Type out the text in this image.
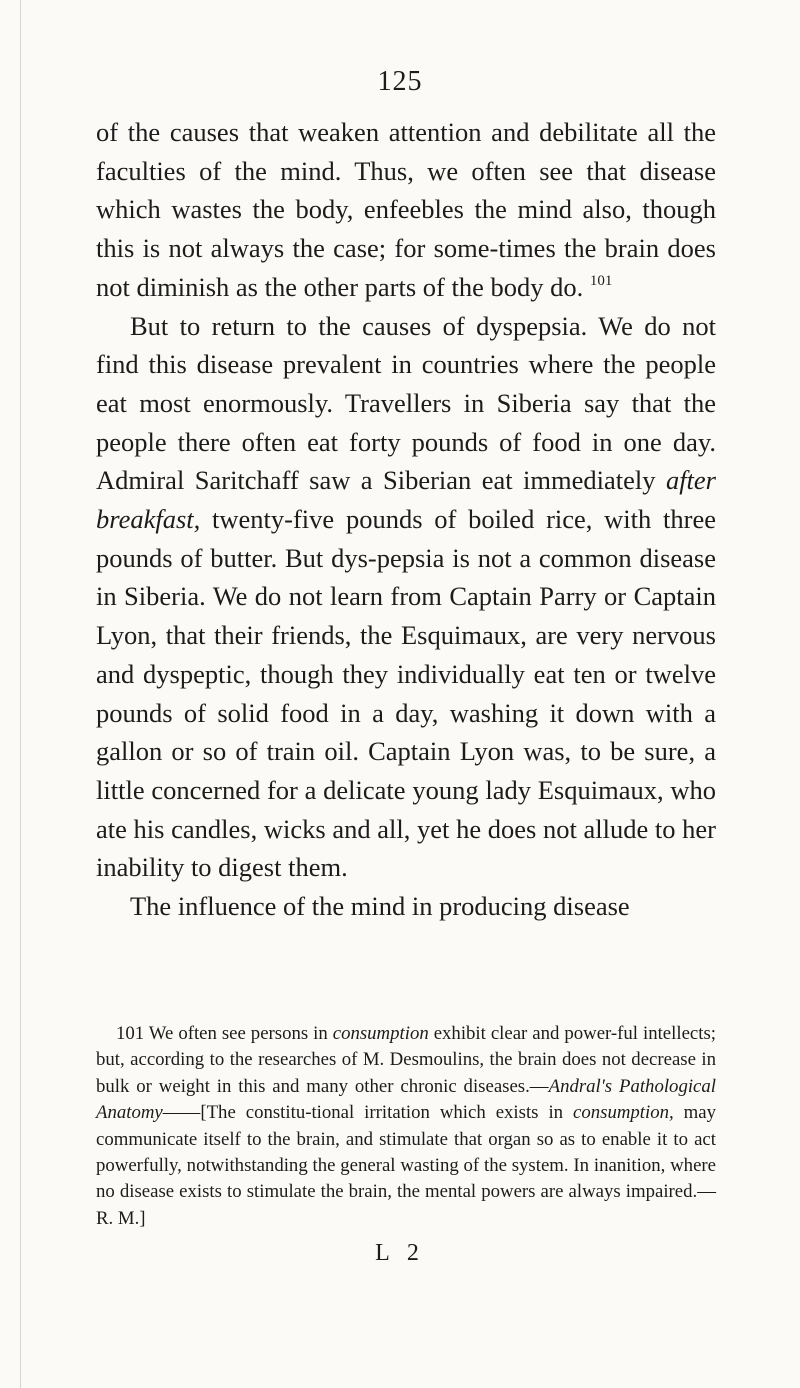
125

of the causes that weaken attention and debilitate all the faculties of the mind. Thus, we often see that disease which wastes the body, enfeebles the mind also, though this is not always the case; for some-times the brain does not diminish as the other parts of the body do. $^{101}$

But to return to the causes of dyspepsia. We do not find this disease prevalent in countries where the people eat most enormously. Travellers in Siberia say that the people there often eat forty pounds of food in one day. Admiral Saritchaff saw a Siberian eat immediately after breakfast, twenty-five pounds of boiled rice, with three pounds of butter. But dys-pepsia is not a common disease in Siberia. We do not learn from Captain Parry or Captain Lyon, that their friends, the Esquimaux, are very nervous and dyspeptic, though they individually eat ten or twelve pounds of solid food in a day, washing it down with a gallon or so of train oil. Captain Lyon was, to be sure, a little concerned for a delicate young lady Esquimaux, who ate his candles, wicks and all, yet he does not allude to her inability to digest them.

The influence of the mind in producing disease

101 We often see persons in consumption exhibit clear and power-ful intellects; but, according to the researches of M. Desmoulins, the brain does not decrease in bulk or weight in this and many other chronic diseases.—Andral's Pathological Anatomy——[The constitu-tional irritation which exists in consumption, may communicate itself to the brain, and stimulate that organ so as to enable it to act powerfully, notwithstanding the general wasting of the system. In inanition, where no disease exists to stimulate the brain, the mental powers are always impaired.—R. M.]

L 2
